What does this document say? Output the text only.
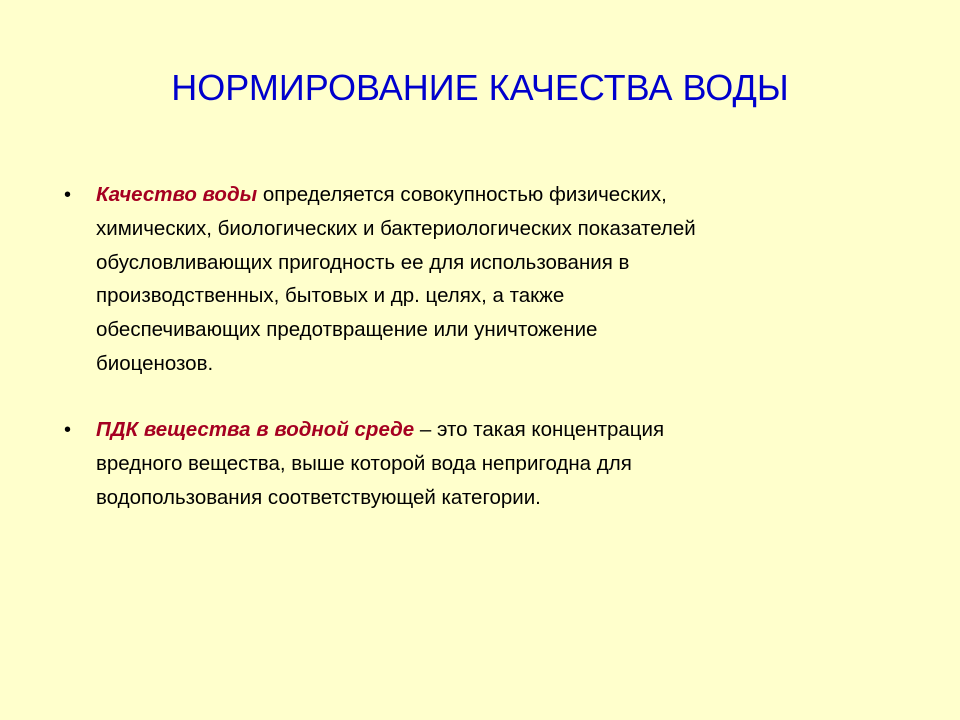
НОРМИРОВАНИЕ КАЧЕСТВА ВОДЫ
• Качество воды определяется совокупностью физических,
химических, биологических и бактериологических показателей
обусловливающих пригодность ее для использования в
производственных, бытовых и др. целях, а также
обеспечивающих предотвращение или уничтожение
биоценозов.
• ПДК вещества в водной среде – это такая концентрация
вредного вещества, выше которой вода непригодна для
водопользования соответствующей категории.
